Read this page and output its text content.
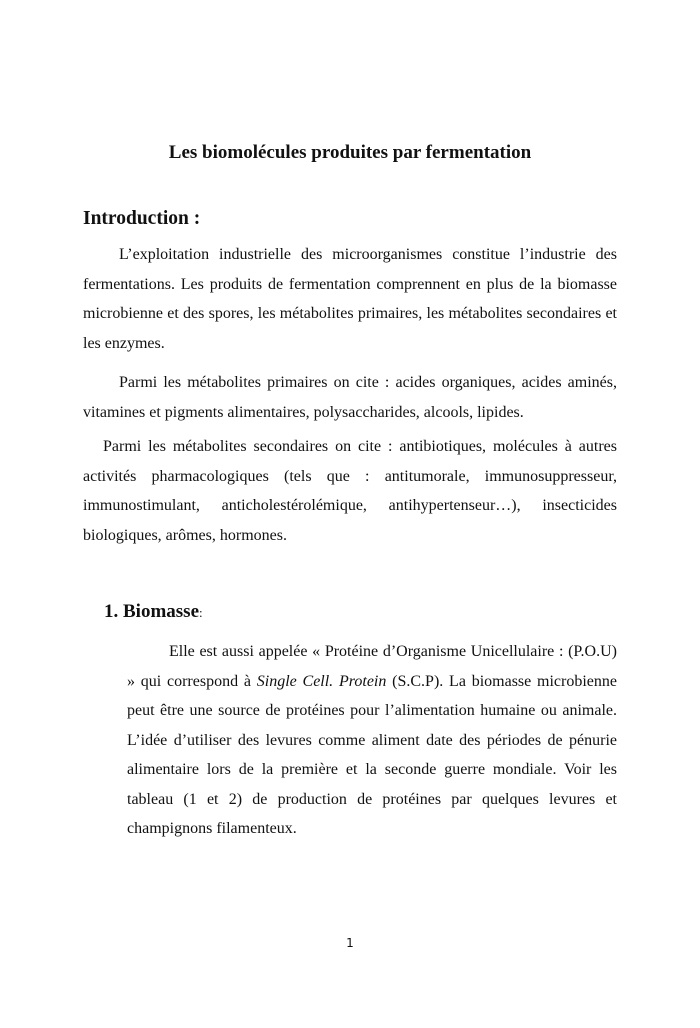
Les biomolécules produites par fermentation
Introduction :

L’exploitation industrielle des microorganismes constitue l’industrie des fermentations. Les produits de fermentation comprennent en plus de la biomasse microbienne et des spores, les métabolites primaires, les métabolites secondaires et les enzymes.

Parmi les métabolites primaires on cite : acides organiques, acides aminés, vitamines et pigments alimentaires, polysaccharides, alcools, lipides.

Parmi les métabolites secondaires on cite : antibiotiques, molécules à autres activités pharmacologiques (tels que : antitumorale, immunosuppresseur, immunostimulant, anticholestérolémique, antihypertenseur…), insecticides biologiques, arômes, hormones.

1. Biomasse:

Elle est aussi appelée « Protéine d’Organisme Unicellulaire : (P.O.U) » qui correspond à Single Cell. Protein (S.C.P). La biomasse microbienne peut être une source de protéines pour l’alimentation humaine ou animale. L’idée d’utiliser des levures comme aliment date des périodes de pénurie alimentaire lors de la première et la seconde guerre mondiale. Voir les tableau (1 et 2) de production de protéines par quelques levures et champignons filamenteux.

1
